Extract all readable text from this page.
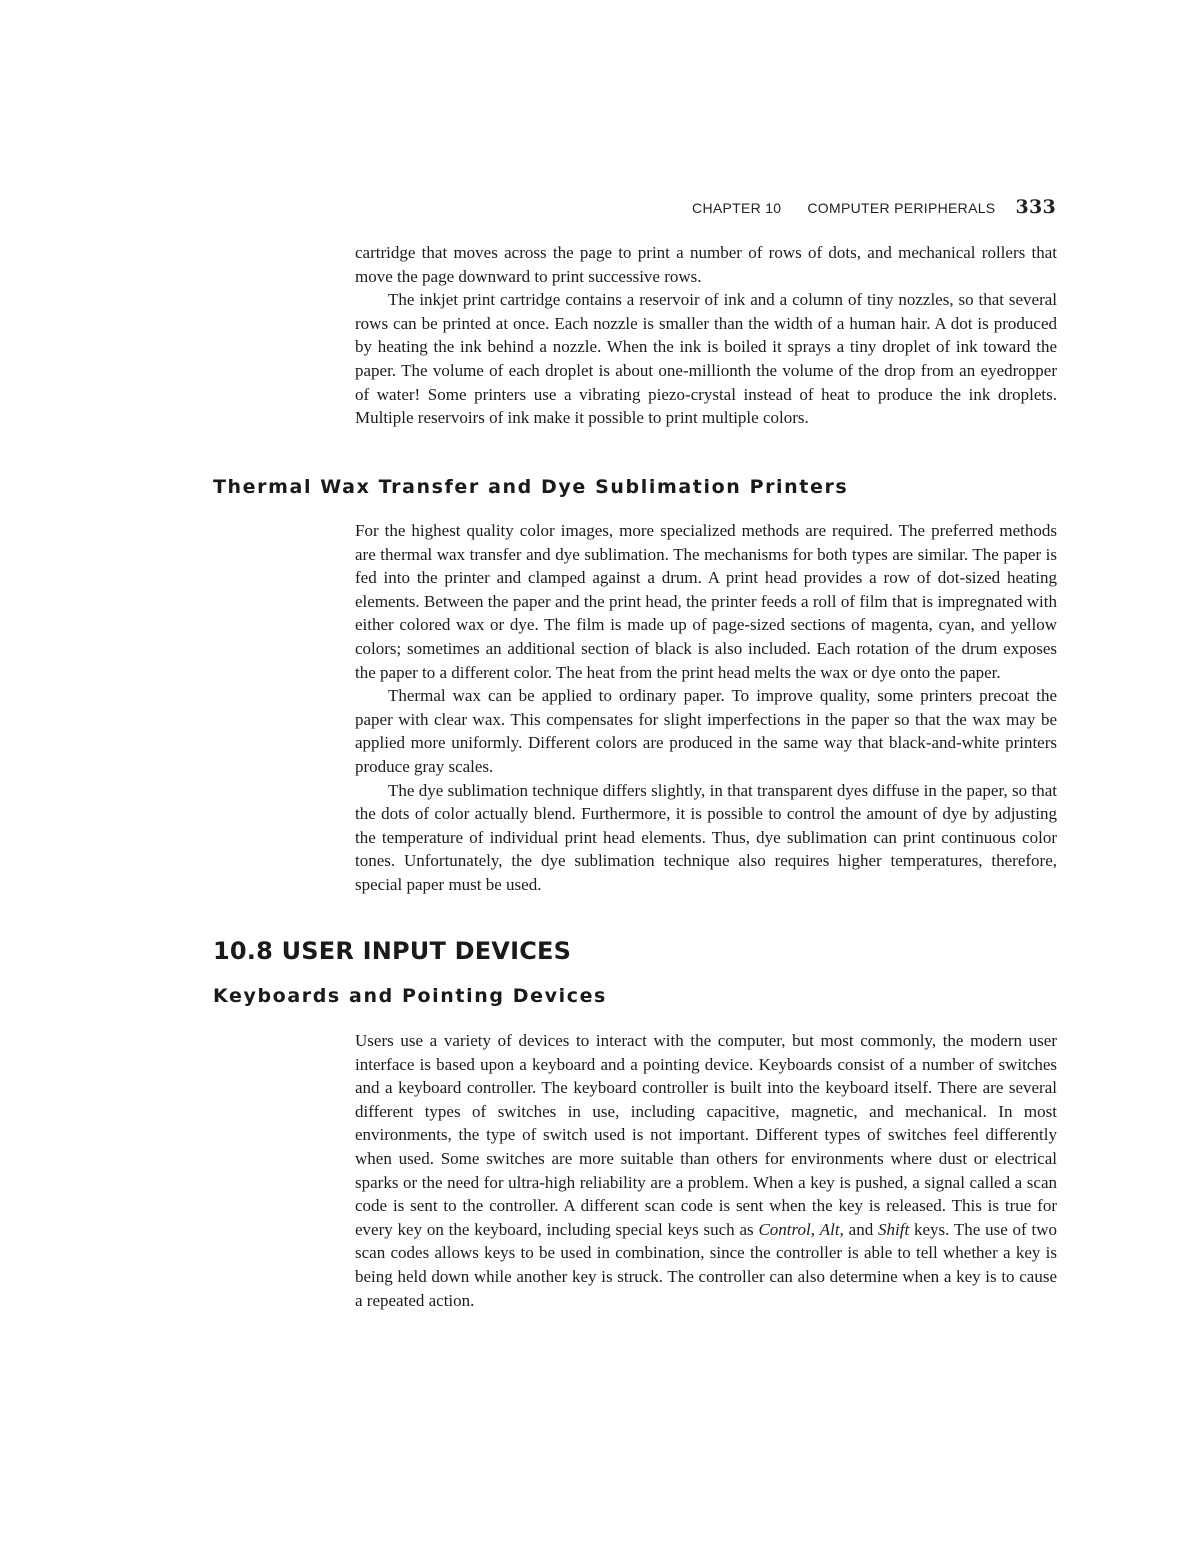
CHAPTER 10 COMPUTER PERIPHERALS 333

cartridge that moves across the page to print a number of rows of dots, and mechanical rollers that move the page downward to print successive rows.

The inkjet print cartridge contains a reservoir of ink and a column of tiny nozzles, so that several rows can be printed at once. Each nozzle is smaller than the width of a human hair. A dot is produced by heating the ink behind a nozzle. When the ink is boiled it sprays a tiny droplet of ink toward the paper. The volume of each droplet is about one-millionth the volume of the drop from an eyedropper of water! Some printers use a vibrating piezo-crystal instead of heat to produce the ink droplets. Multiple reservoirs of ink make it possible to print multiple colors.

Thermal Wax Transfer and Dye Sublimation Printers

For the highest quality color images, more specialized methods are required. The preferred methods are thermal wax transfer and dye sublimation. The mechanisms for both types are similar. The paper is fed into the printer and clamped against a drum. A print head provides a row of dot-sized heating elements. Between the paper and the print head, the printer feeds a roll of film that is impregnated with either colored wax or dye. The film is made up of page-sized sections of magenta, cyan, and yellow colors; sometimes an additional section of black is also included. Each rotation of the drum exposes the paper to a different color. The heat from the print head melts the wax or dye onto the paper.

Thermal wax can be applied to ordinary paper. To improve quality, some printers precoat the paper with clear wax. This compensates for slight imperfections in the paper so that the wax may be applied more uniformly. Different colors are produced in the same way that black-and-white printers produce gray scales.

The dye sublimation technique differs slightly, in that transparent dyes diffuse in the paper, so that the dots of color actually blend. Furthermore, it is possible to control the amount of dye by adjusting the temperature of individual print head elements. Thus, dye sublimation can print continuous color tones. Unfortunately, the dye sublimation technique also requires higher temperatures, therefore, special paper must be used.

10.8 USER INPUT DEVICES
Keyboards and Pointing Devices

Users use a variety of devices to interact with the computer, but most commonly, the modern user interface is based upon a keyboard and a pointing device. Keyboards consist of a number of switches and a keyboard controller. The keyboard controller is built into the keyboard itself. There are several different types of switches in use, including capacitive, magnetic, and mechanical. In most environments, the type of switch used is not important. Different types of switches feel differently when used. Some switches are more suitable than others for environments where dust or electrical sparks or the need for ultra-high reliability are a problem. When a key is pushed, a signal called a scan code is sent to the controller. A different scan code is sent when the key is released. This is true for every key on the keyboard, including special keys such as Control, Alt, and Shift keys. The use of two scan codes allows keys to be used in combination, since the controller is able to tell whether a key is being held down while another key is struck. The controller can also determine when a key is to cause a repeated action.
